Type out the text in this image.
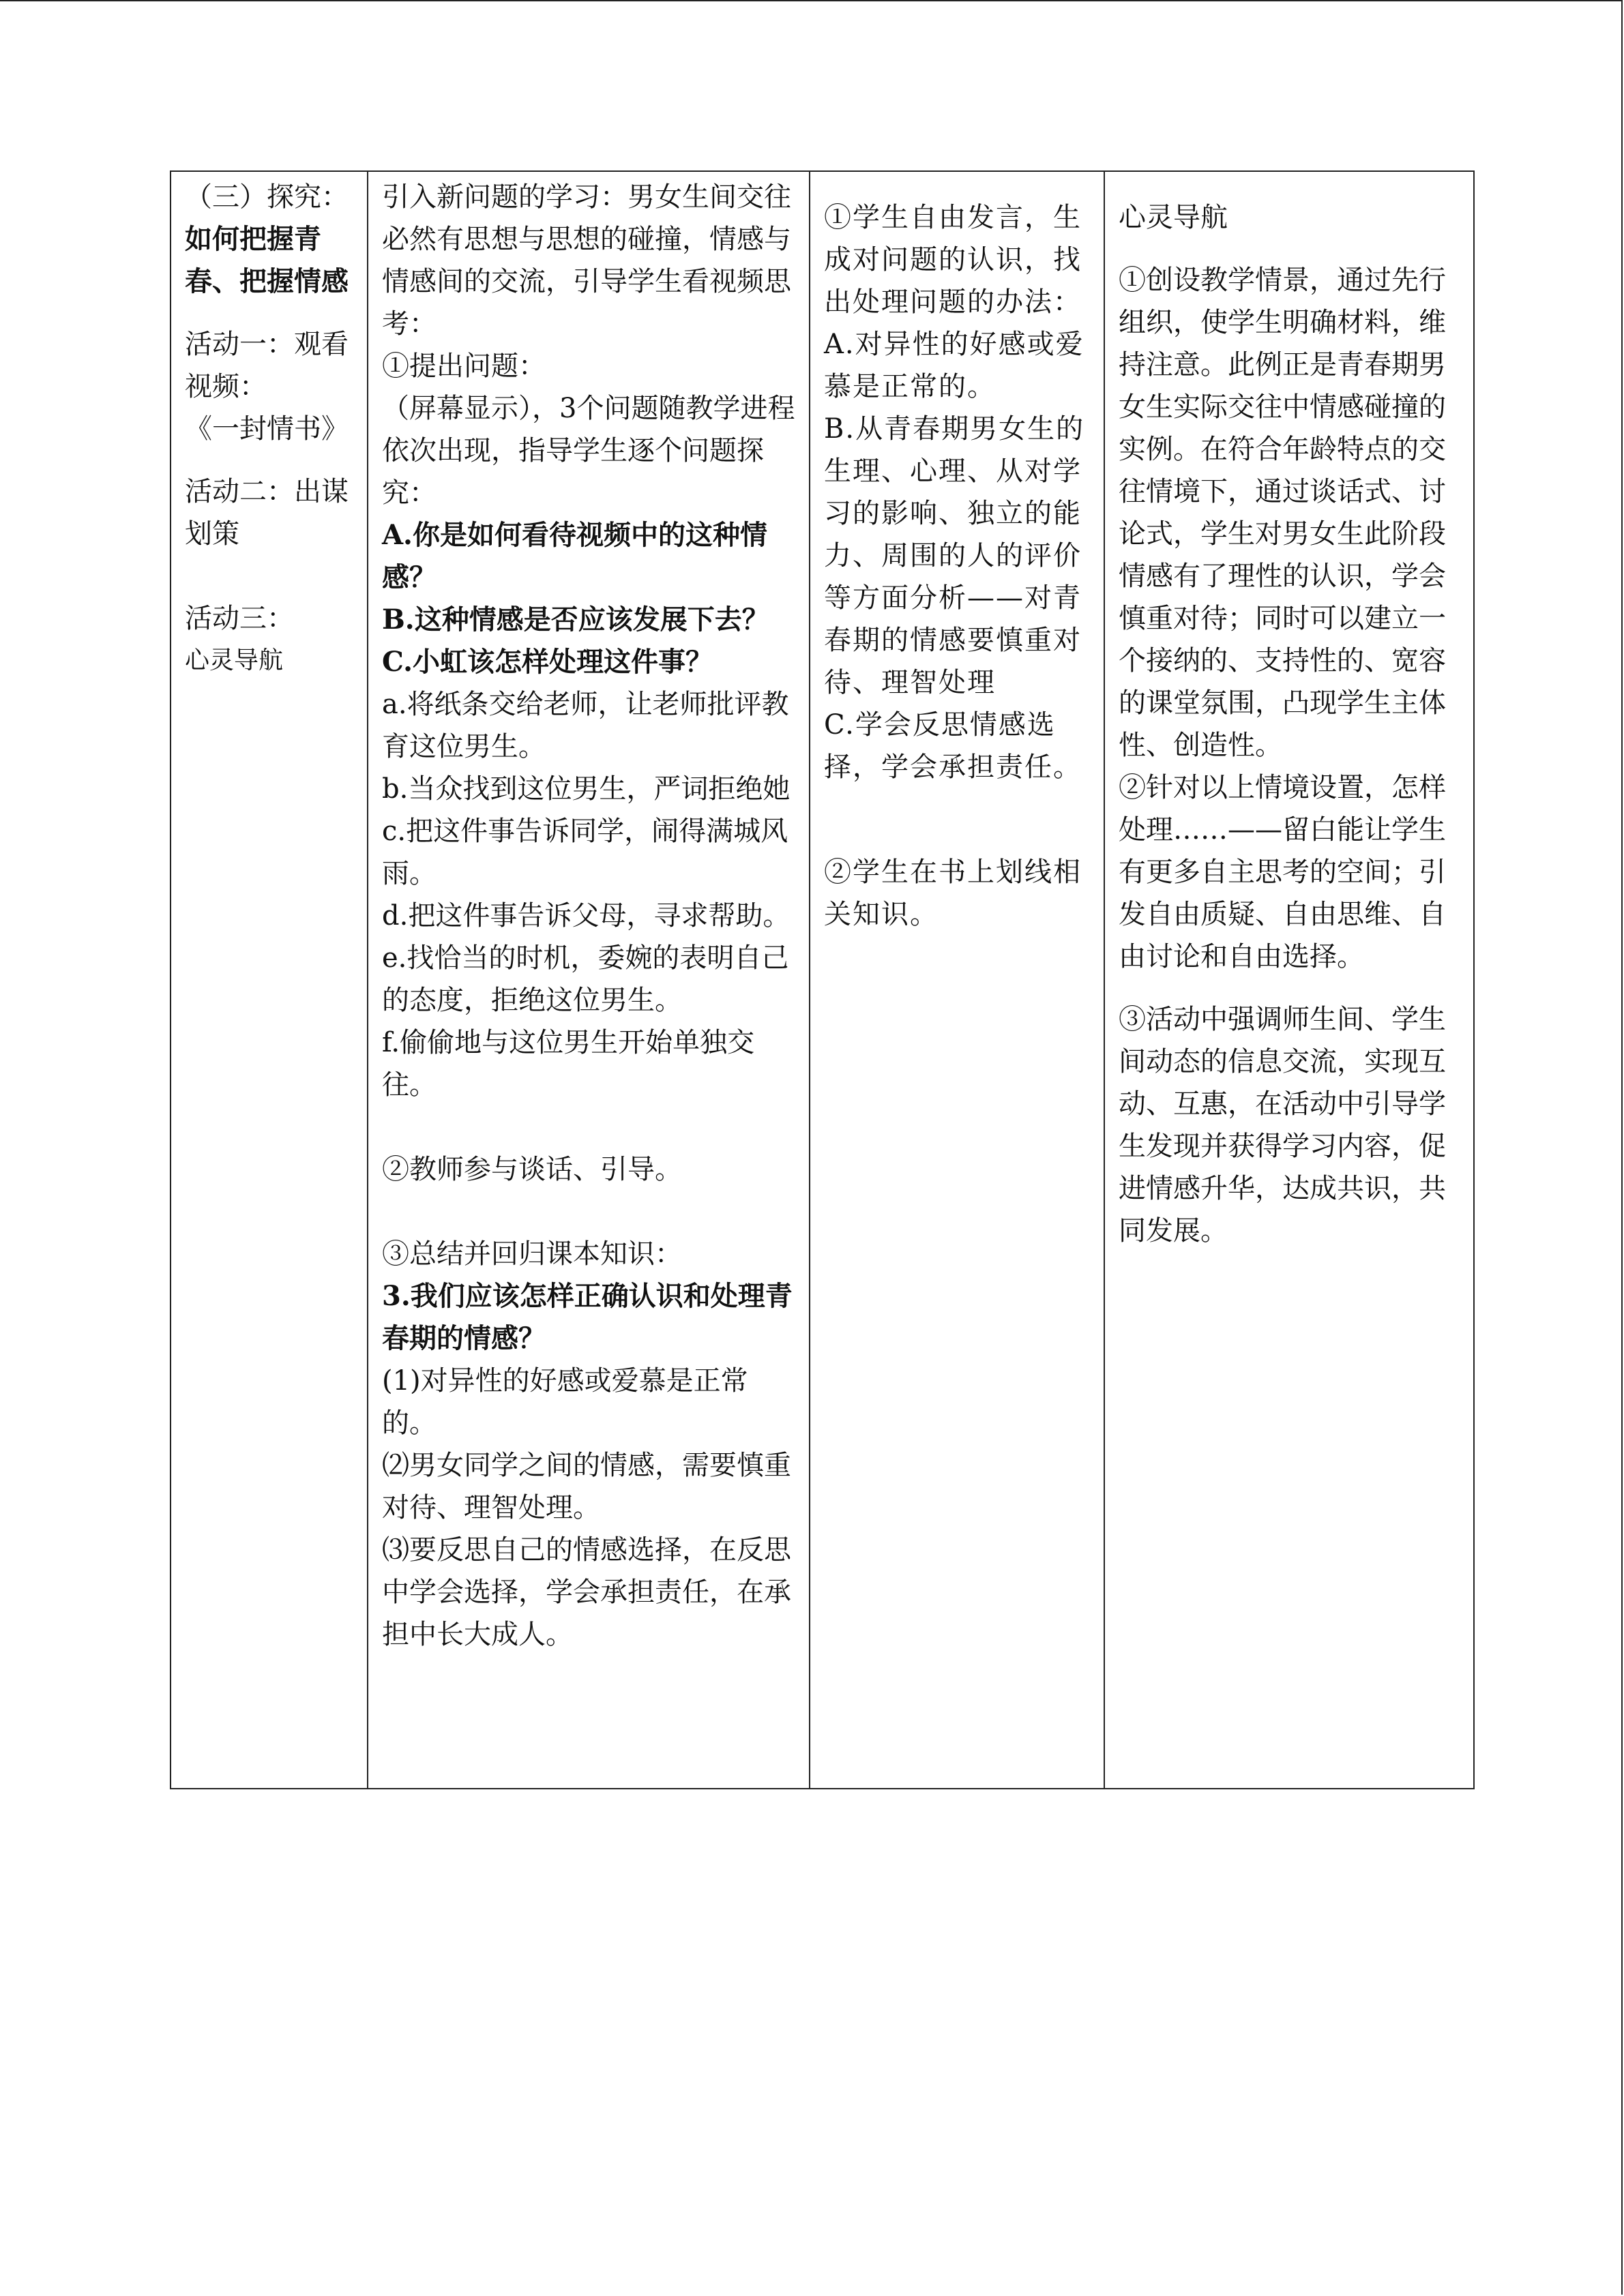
（三）探究：如何把握青春、把握情感
活动一：观看视频：
《一封情书》
活动二：出谋划策
活动三：
心灵导航

引入新问题的学习：男女生间交往必然有思想与思想的碰撞，情感与情感间的交流，引导学生看视频思考：
①提出问题：
（屏幕显示），3个问题随教学进程依次出现，指导学生逐个问题探究：
A.你是如何看待视频中的这种情感？
B.这种情感是否应该发展下去？
C.小虹该怎样处理这件事？
a.将纸条交给老师，让老师批评教育这位男生。
b.当众找到这位男生，严词拒绝她
c.把这件事告诉同学，闹得满城风雨。
d.把这件事告诉父母，寻求帮助。
e.找恰当的时机，委婉的表明自己的态度，拒绝这位男生。
f.偷偷地与这位男生开始单独交往。
②教师参与谈话、引导。
③总结并回归课本知识：
3.我们应该怎样正确认识和处理青春期的情感？
(1)对异性的好感或爱慕是正常的。
⑵男女同学之间的情感，需要慎重对待、理智处理。
⑶要反思自己的情感选择，在反思中学会选择，学会承担责任，在承担中长大成人。

①学生自由发言，生成对问题的认识，找出处理问题的办法：
A.对异性的好感或爱慕是正常的。
B.从青春期男女生的生理、心理、从对学习的影响、独立的能力、周围的人的评价等方面分析——对青春期的情感要慎重对待、理智处理
C.学会反思情感选择，学会承担责任。
②学生在书上划线相关知识。

心灵导航
①创设教学情景，通过先行组织，使学生明确材料，维持注意。此例正是青春期男女生实际交往中情感碰撞的实例。在符合年龄特点的交往情境下，通过谈话式、讨论式，学生对男女生此阶段情感有了理性的认识，学会慎重对待；同时可以建立一个接纳的、支持性的、宽容的课堂氛围，凸现学生主体性、创造性。
②针对以上情境设置，怎样处理……——留白能让学生有更多自主思考的空间；引发自由质疑、自由思维、自由讨论和自由选择。
③活动中强调师生间、学生间动态的信息交流，实现互动、互惠，在活动中引导学生发现并获得学习内容，促进情感升华，达成共识，共同发展。
